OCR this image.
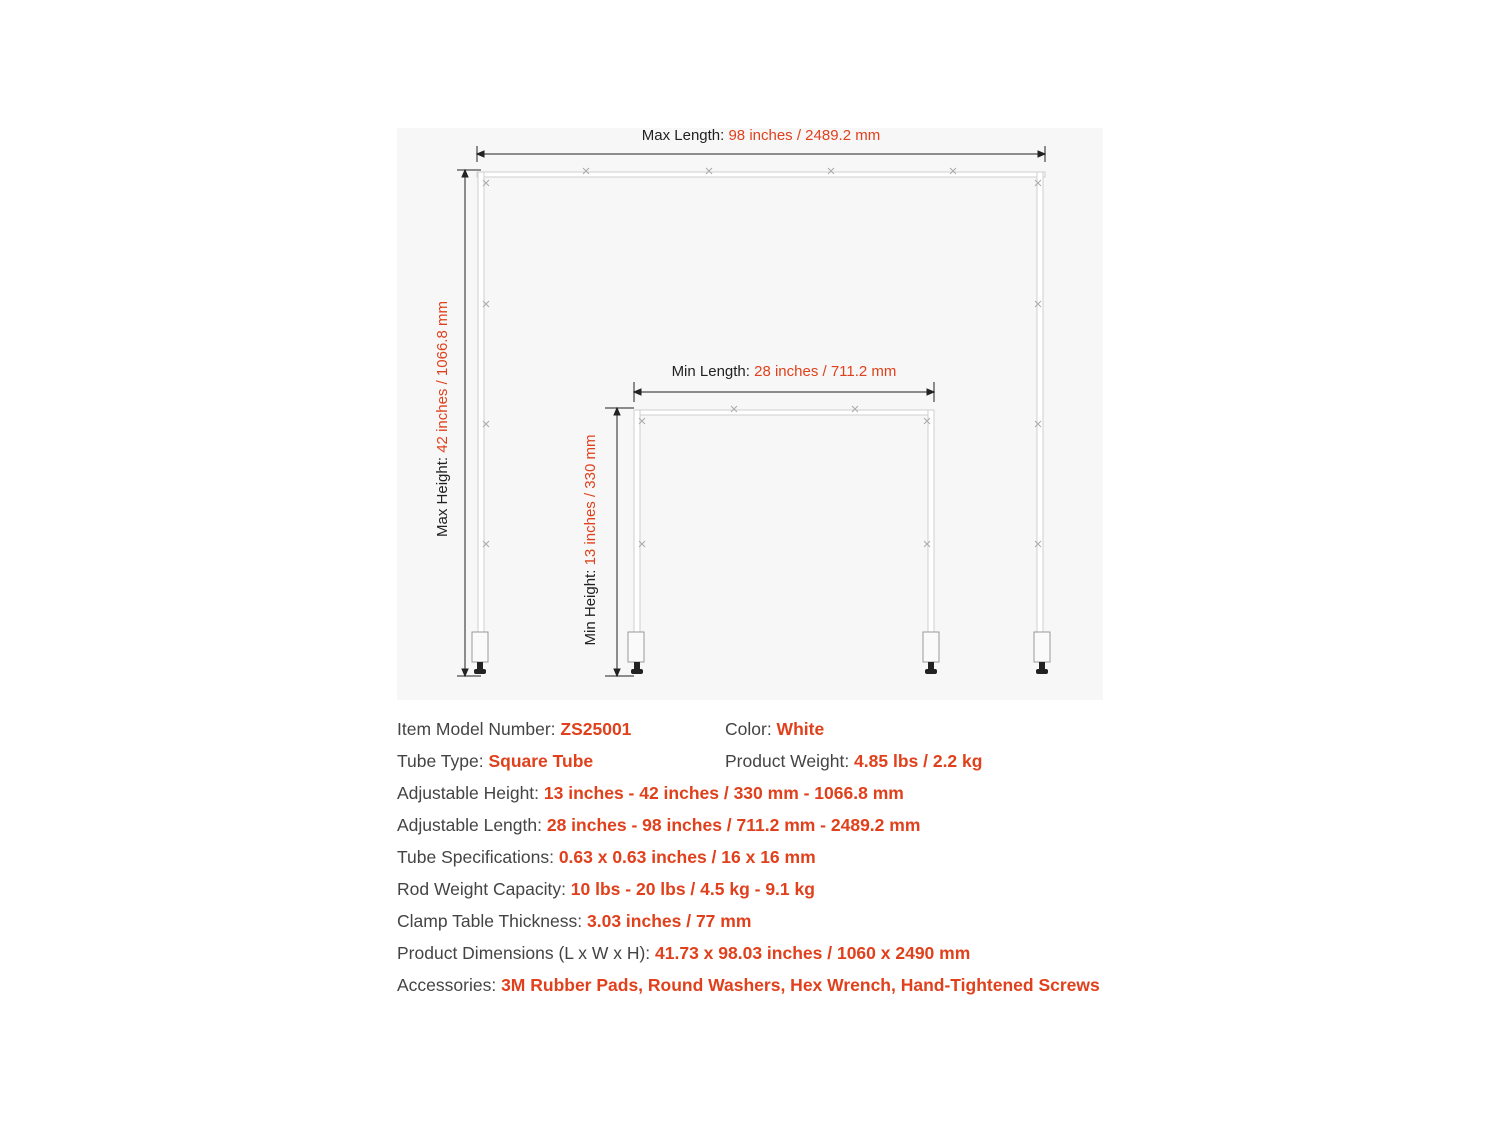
Max Length: 98 inches / 2489.2 mm
Min Length: 28 inches / 711.2 mm
Max Height: 42 inches / 1066.8 mm
Min Height: 13 inches / 330 mm
Item Model Number: ZS25001	Color: White
Tube Type: Square Tube	Product Weight: 4.85 lbs / 2.2 kg
Adjustable Height: 13 inches - 42 inches / 330 mm - 1066.8 mm
Adjustable Length: 28 inches - 98 inches / 711.2 mm - 2489.2 mm
Tube Specifications: 0.63 x 0.63 inches / 16 x 16 mm
Rod Weight Capacity: 10 lbs - 20 lbs / 4.5 kg - 9.1 kg
Clamp Table Thickness: 3.03 inches / 77 mm
Product Dimensions (L x W x H): 41.73 x 98.03 inches / 1060 x 2490 mm
Accessories: 3M Rubber Pads, Round Washers, Hex Wrench, Hand-Tightened Screws
